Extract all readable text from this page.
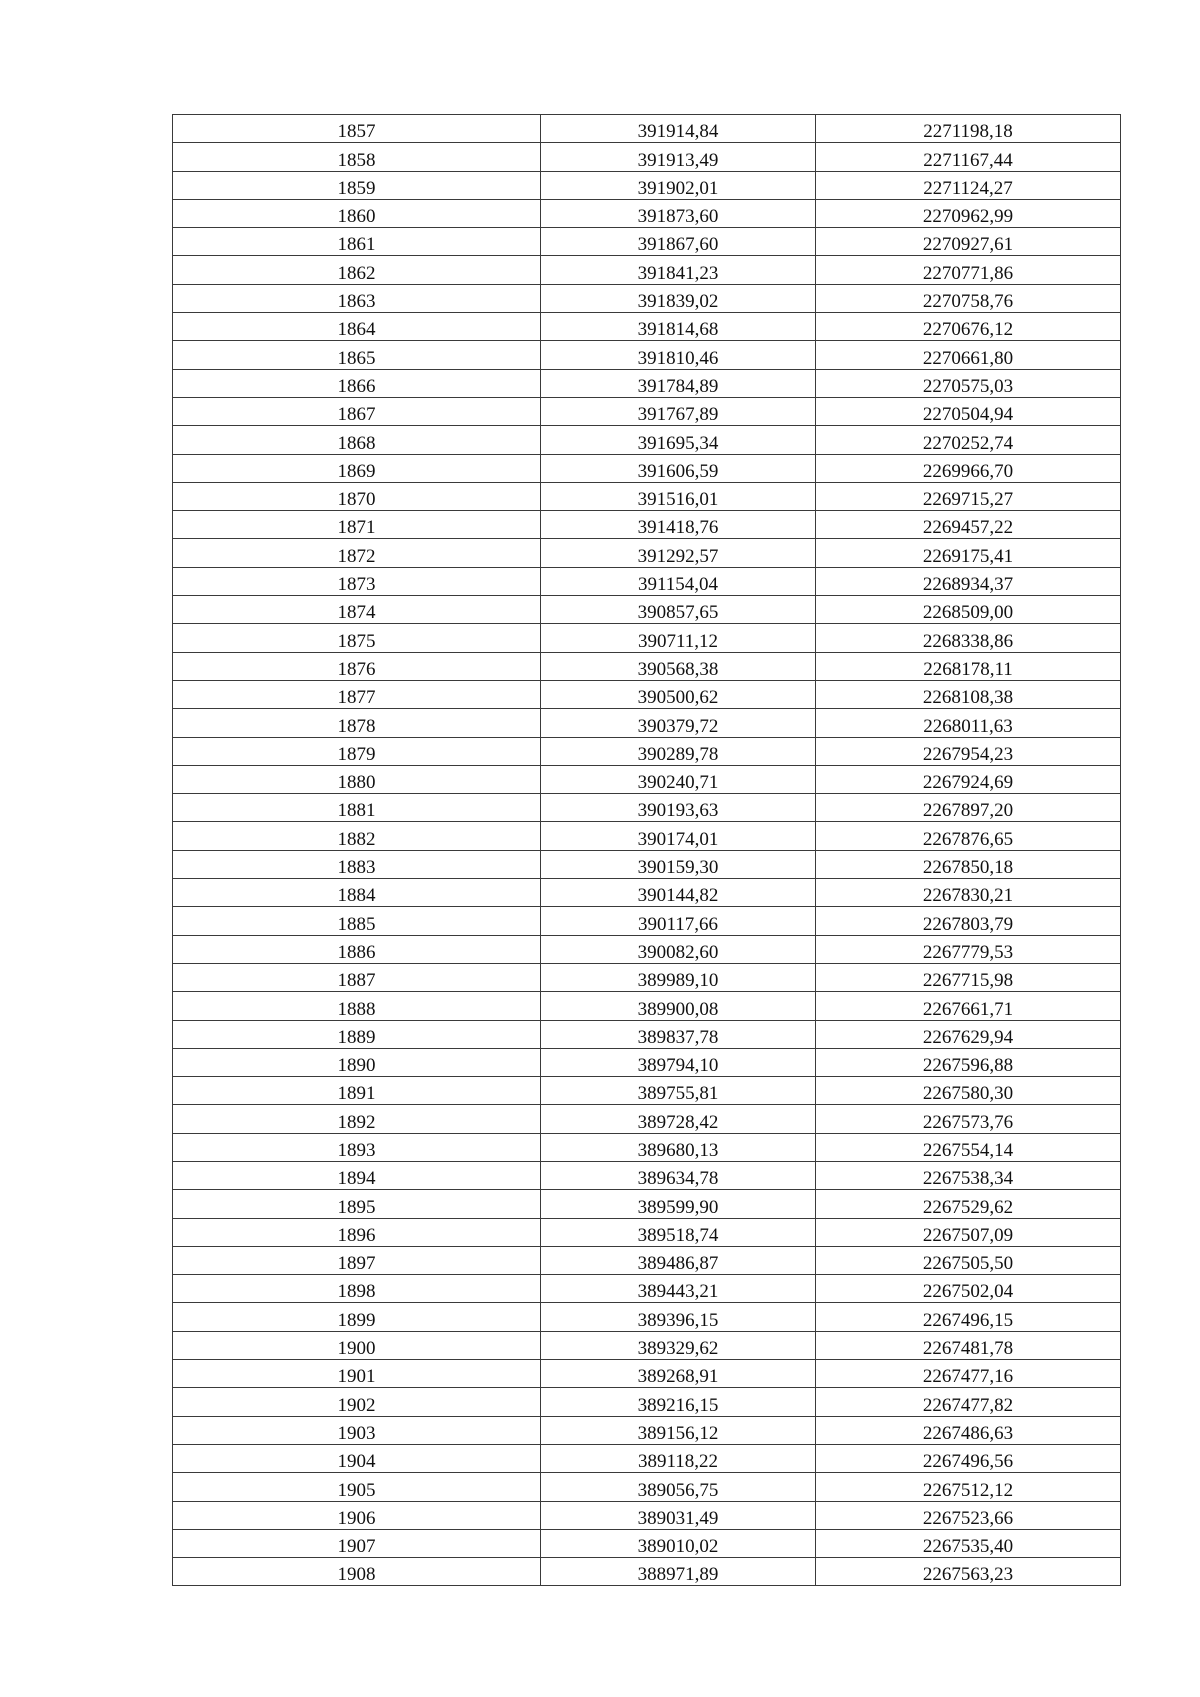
1857	391914,84	2271198,18
1858	391913,49	2271167,44
1859	391902,01	2271124,27
1860	391873,60	2270962,99
1861	391867,60	2270927,61
1862	391841,23	2270771,86
1863	391839,02	2270758,76
1864	391814,68	2270676,12
1865	391810,46	2270661,80
1866	391784,89	2270575,03
1867	391767,89	2270504,94
1868	391695,34	2270252,74
1869	391606,59	2269966,70
1870	391516,01	2269715,27
1871	391418,76	2269457,22
1872	391292,57	2269175,41
1873	391154,04	2268934,37
1874	390857,65	2268509,00
1875	390711,12	2268338,86
1876	390568,38	2268178,11
1877	390500,62	2268108,38
1878	390379,72	2268011,63
1879	390289,78	2267954,23
1880	390240,71	2267924,69
1881	390193,63	2267897,20
1882	390174,01	2267876,65
1883	390159,30	2267850,18
1884	390144,82	2267830,21
1885	390117,66	2267803,79
1886	390082,60	2267779,53
1887	389989,10	2267715,98
1888	389900,08	2267661,71
1889	389837,78	2267629,94
1890	389794,10	2267596,88
1891	389755,81	2267580,30
1892	389728,42	2267573,76
1893	389680,13	2267554,14
1894	389634,78	2267538,34
1895	389599,90	2267529,62
1896	389518,74	2267507,09
1897	389486,87	2267505,50
1898	389443,21	2267502,04
1899	389396,15	2267496,15
1900	389329,62	2267481,78
1901	389268,91	2267477,16
1902	389216,15	2267477,82
1903	389156,12	2267486,63
1904	389118,22	2267496,56
1905	389056,75	2267512,12
1906	389031,49	2267523,66
1907	389010,02	2267535,40
1908	388971,89	2267563,23
